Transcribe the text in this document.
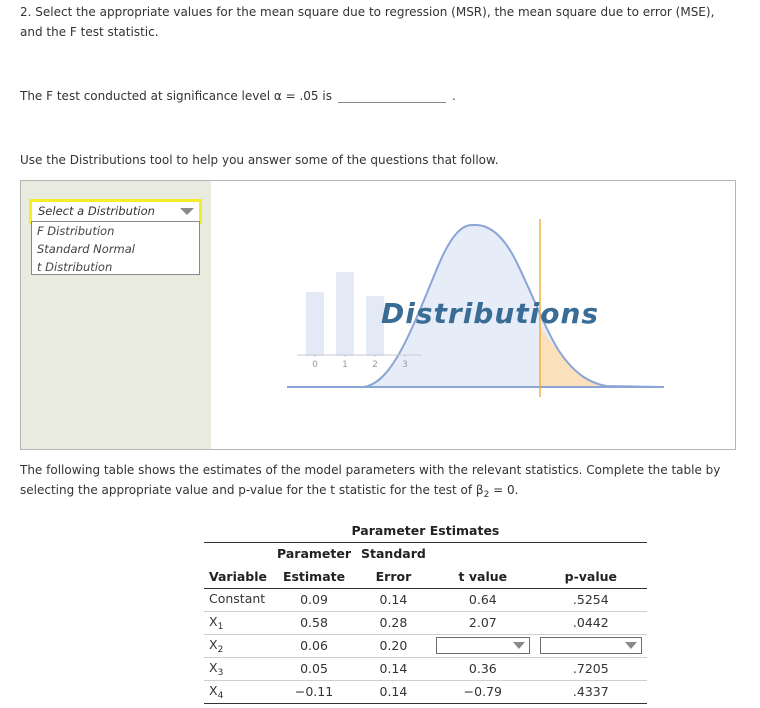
2. Select the appropriate values for the mean square due to regression (MSR), the mean square due to error (MSE), and the F test statistic.

The F test conducted at significance level α = .05 is	.

Use the Distributions tool to help you answer some of the questions that follow.

Select a Distribution
F Distribution
Standard Normal
t Distribution
0	1	2	3
Distributions

The following table shows the estimates of the model parameters with the relevant statistics. Complete the table by selecting the appropriate value and p-value for the t statistic for the test of $\beta_2 = 0$.

Parameter Estimates				
	Parameter	Standard		
Variable	Estimate	Error	t value	p-value
Constant	0.09	0.14	0.64	.5254
$X_1$	0.58	0.28	2.07	.0442
$X_2$	0.06	0.20	

$X_3$	0.05	0.14	0.36	.7205
$X_4$	−0.11	0.14	−0.79	.4337
